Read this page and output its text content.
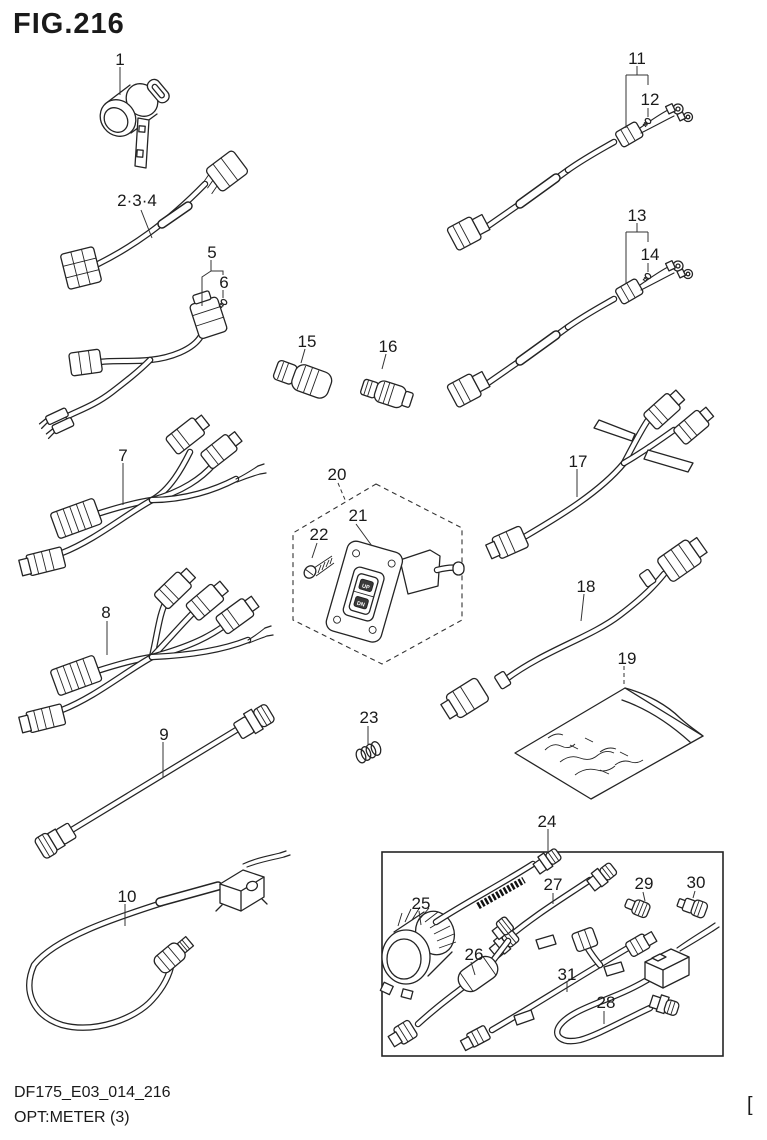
FIG.216
UP
DN
1
2·3·4
5
6
7
8
9
10
11
12
13
14
15	16
17
18
19
20
21
22
23
24
25
26
27
28
29 30
31
DF175_E03_014_216
OPT:METER (3)
[
